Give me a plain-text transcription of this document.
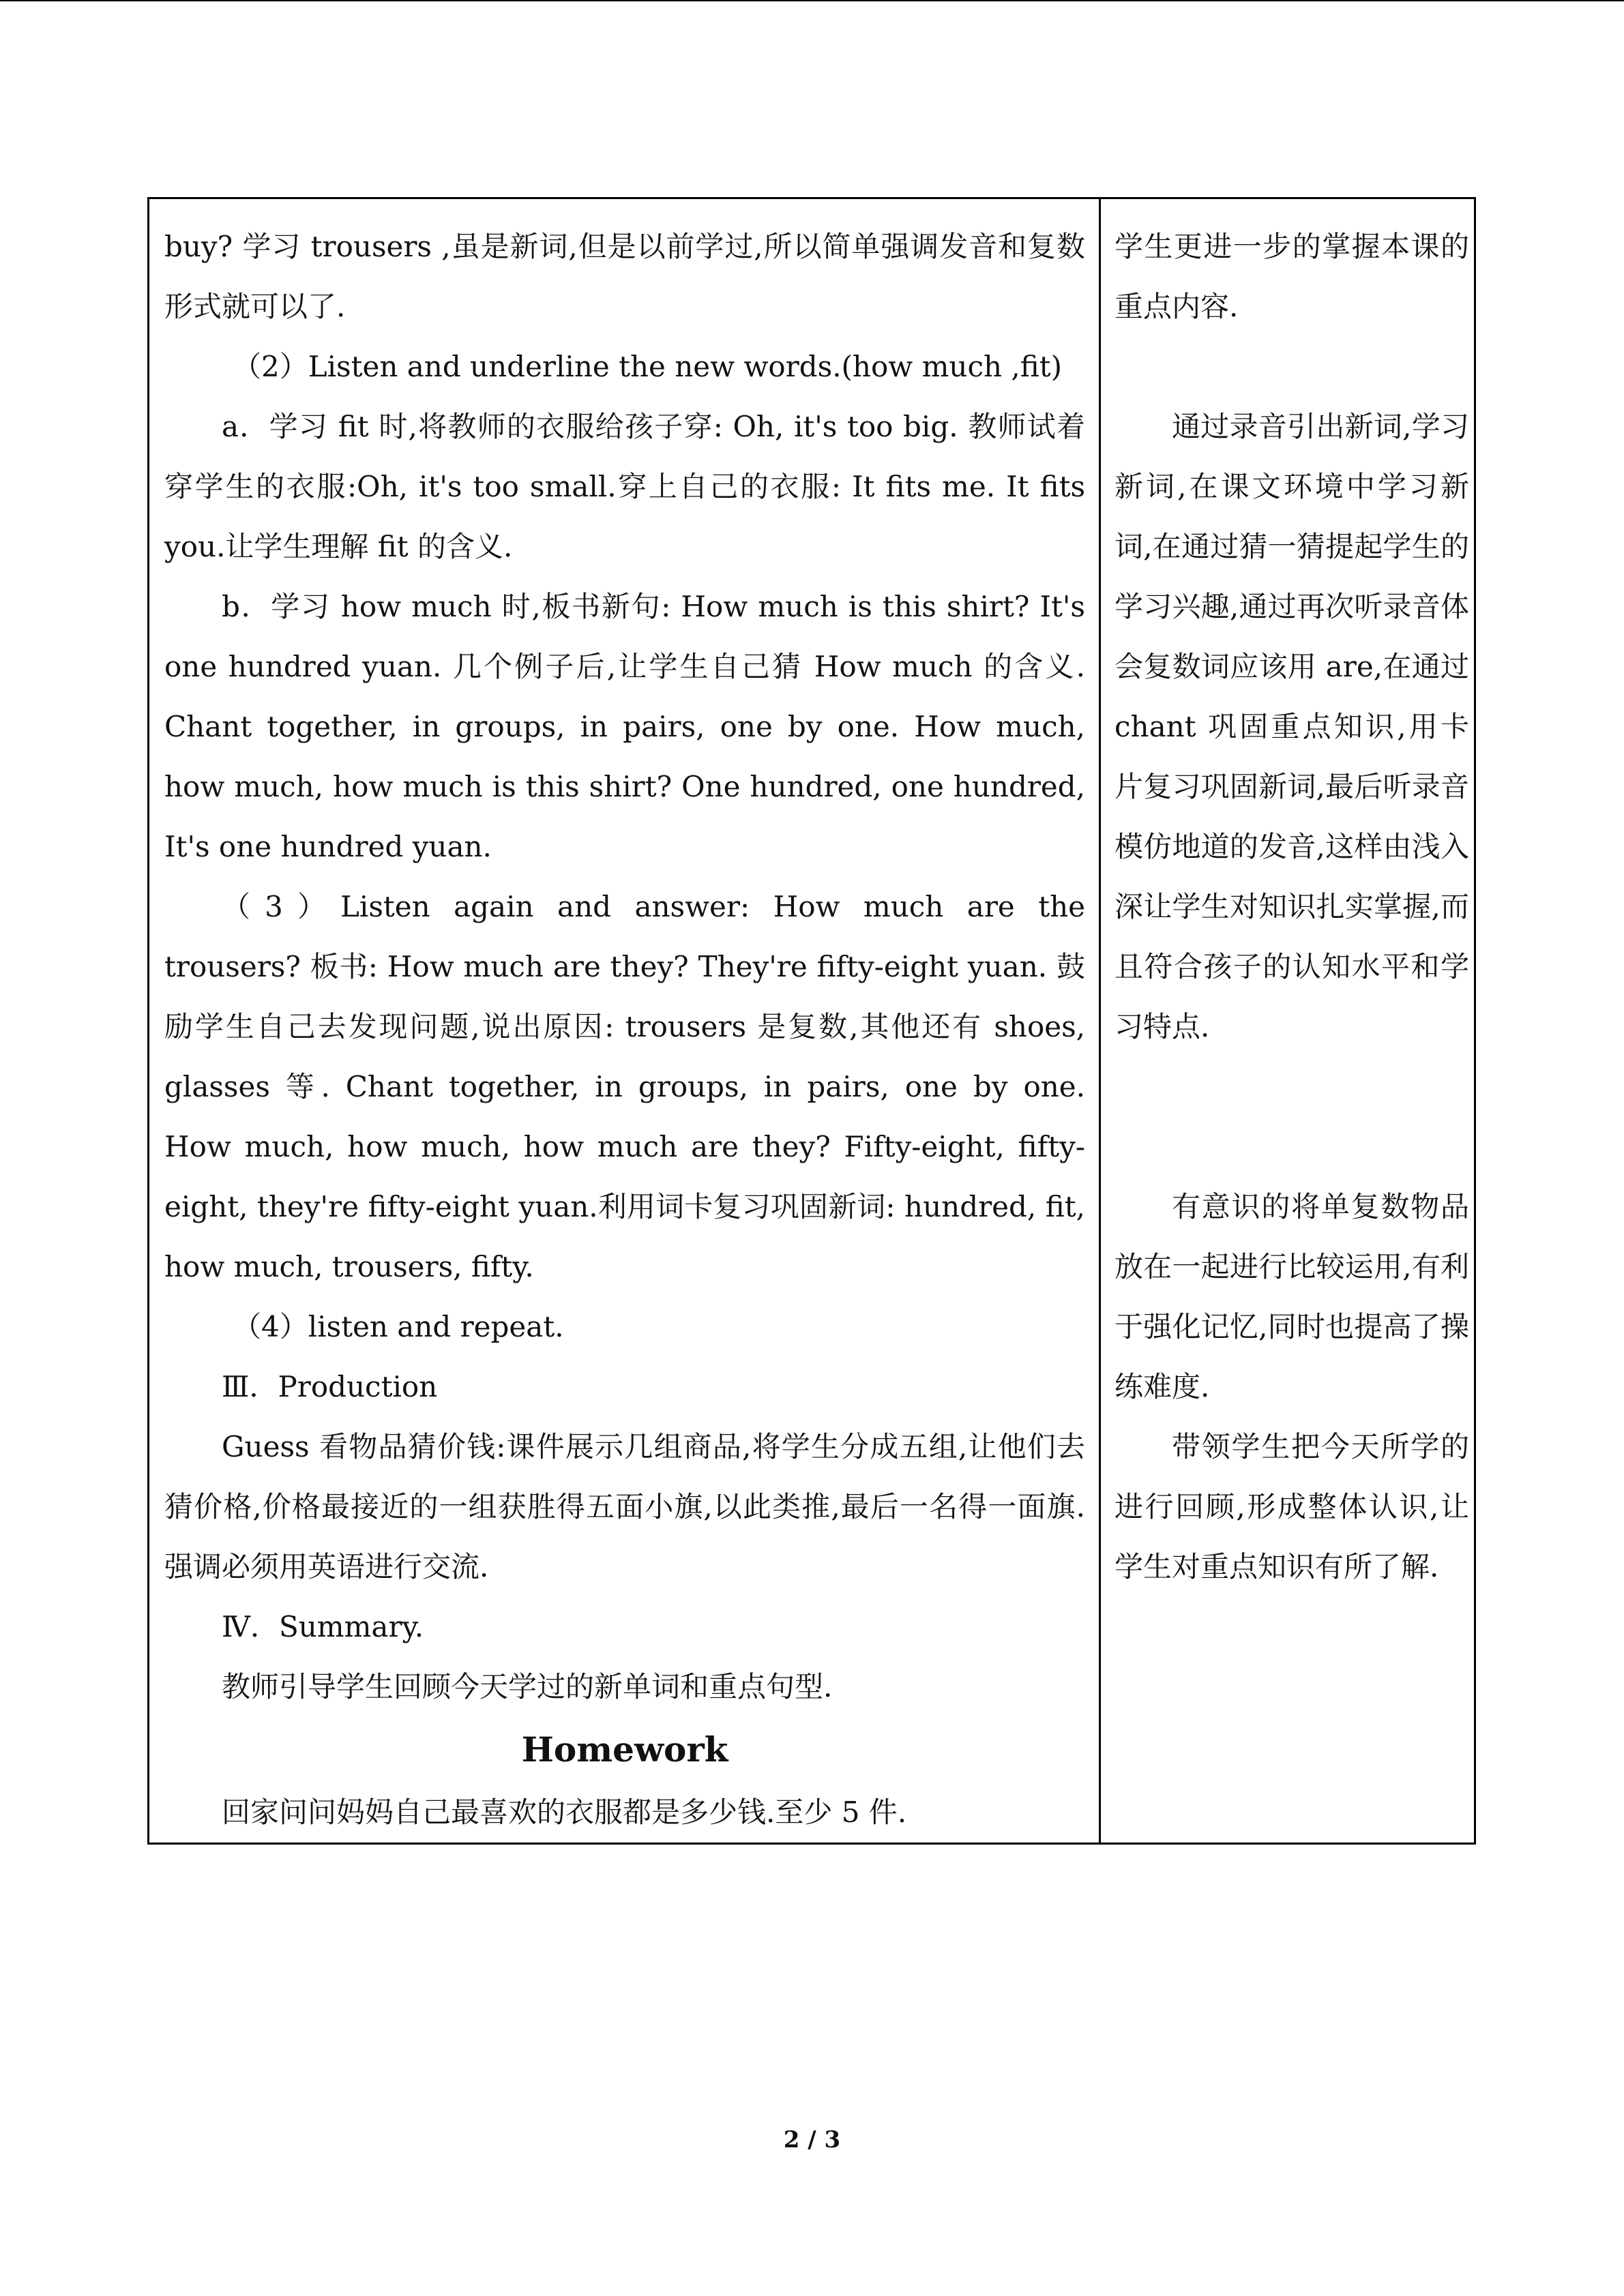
buy? 学习 trousers ,虽是新词,但是以前学过,所以简单强调发音和复数形式就可以了.

（2）Listen and underline the new words.(how much ,fit)

a．学习 fit 时,将教师的衣服给孩子穿: Oh, it's too big. 教师试着穿学生的衣服:Oh, it's too small.穿上自己的衣服: It fits me. It fits you.让学生理解 fit 的含义.

b．学习 how much 时,板书新句: How much is this shirt? It's one hundred yuan. 几个例子后,让学生自己猜 How much 的含义. Chant together, in groups, in pairs, one by one. How much, how much, how much is this shirt? One hundred, one hundred, It's one hundred yuan.

（3）Listen again and answer: How much are the trousers? 板书: How much are they? They're fifty-eight yuan. 鼓励学生自己去发现问题,说出原因: trousers 是复数,其他还有 shoes, glasses 等. Chant together, in groups, in pairs, one by one. How much, how much, how much are they? Fifty-eight, fifty-eight, they're fifty-eight yuan.利用词卡复习巩固新词: hundred, fit, how much, trousers, fifty.

（4）listen and repeat.

Ⅲ．Production

Guess 看物品猜价钱:课件展示几组商品,将学生分成五组,让他们去猜价格,价格最接近的一组获胜得五面小旗,以此类推,最后一名得一面旗.强调必须用英语进行交流.

Ⅳ．Summary.

教师引导学生回顾今天学过的新单词和重点句型.

Homework

回家问问妈妈自己最喜欢的衣服都是多少钱.至少 5 件.

学生更进一步的掌握本课的重点内容.

通过录音引出新词,学习新词,在课文环境中学习新词,在通过猜一猜提起学生的学习兴趣,通过再次听录音体会复数词应该用 are,在通过 chant 巩固重点知识,用卡片复习巩固新词,最后听录音模仿地道的发音,这样由浅入深让学生对知识扎实掌握,而且符合孩子的认知水平和学习特点.

有意识的将单复数物品放在一起进行比较运用,有利于强化记忆,同时也提高了操练难度.

带领学生把今天所学的进行回顾,形成整体认识,让学生对重点知识有所了解.

2 / 3
